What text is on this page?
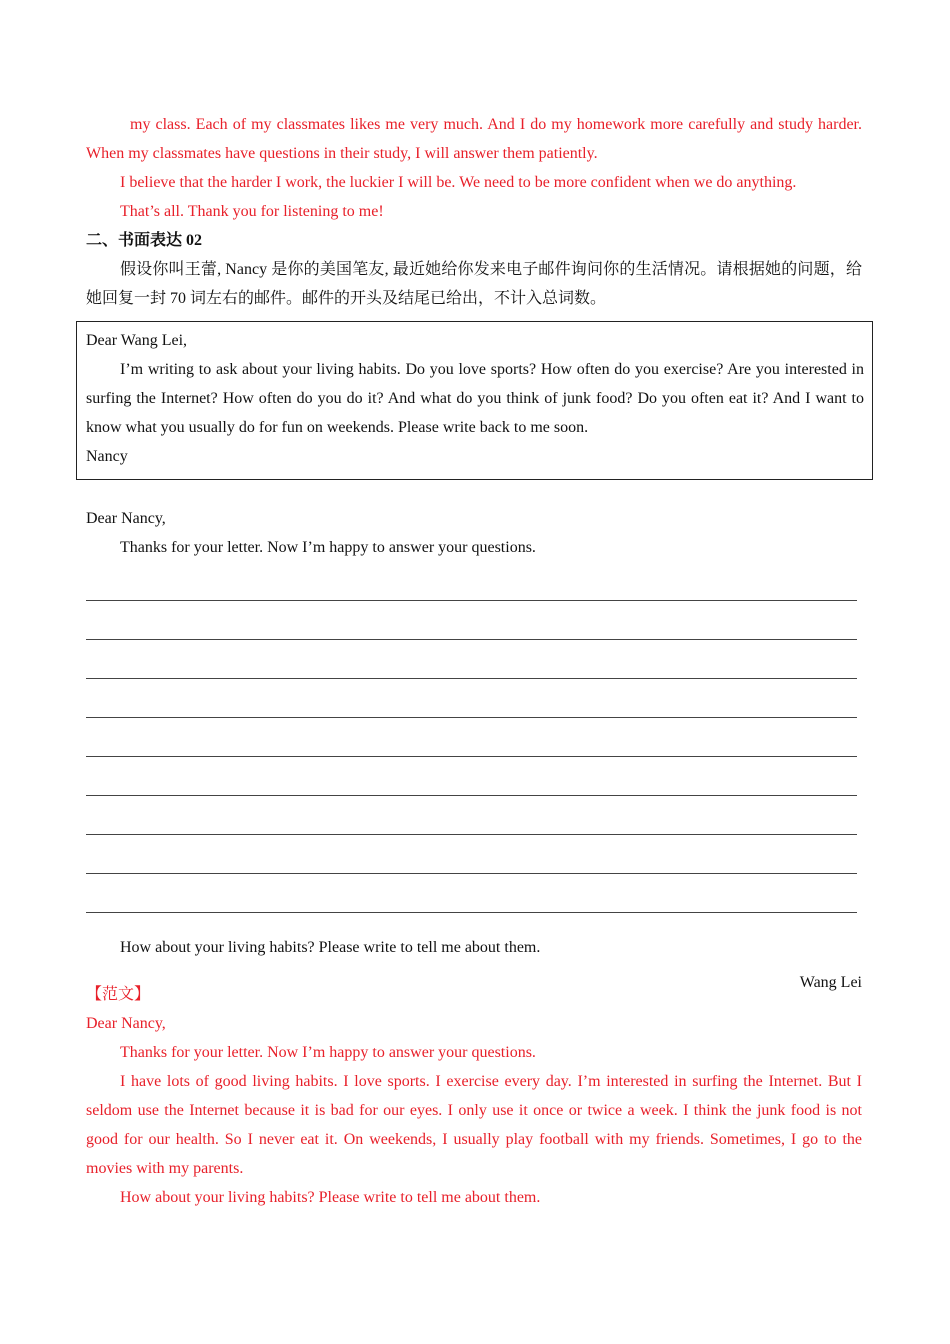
my class. Each of my classmates likes me very much. And I do my homework more carefully and study harder. When my classmates have questions in their study, I will answer them patiently.

I believe that the harder I work, the luckier I will be. We need to be more confident when we do anything.

That’s all. Thank you for listening to me!

二、书面表达 02

假设你叫王蕾, Nancy 是你的美国笔友, 最近她给你发来电子邮件询问你的生活情况。请根据她的问题，给她回复一封 70 词左右的邮件。邮件的开头及结尾已给出，不计入总词数。

Dear Wang Lei,

I’m writing to ask about your living habits. Do you love sports? How often do you exercise? Are you interested in surfing the Internet? How often do you do it? And what do you think of junk food? Do you often eat it? And I want to know what you usually do for fun on weekends. Please write back to me soon.

Nancy

Dear Nancy,

Thanks for your letter. Now I’m happy to answer your questions.

How about your living habits? Please write to tell me about them.

Wang Lei

【范文】

Dear Nancy,

Thanks for your letter. Now I’m happy to answer your questions.

I have lots of good living habits. I love sports. I exercise every day. I’m interested in surfing the Internet. But I seldom use the Internet because it is bad for our eyes. I only use it once or twice a week. I think the junk food is not good for our health. So I never eat it. On weekends, I usually play football with my friends. Sometimes, I go to the movies with my parents.

How about your living habits? Please write to tell me about them.
